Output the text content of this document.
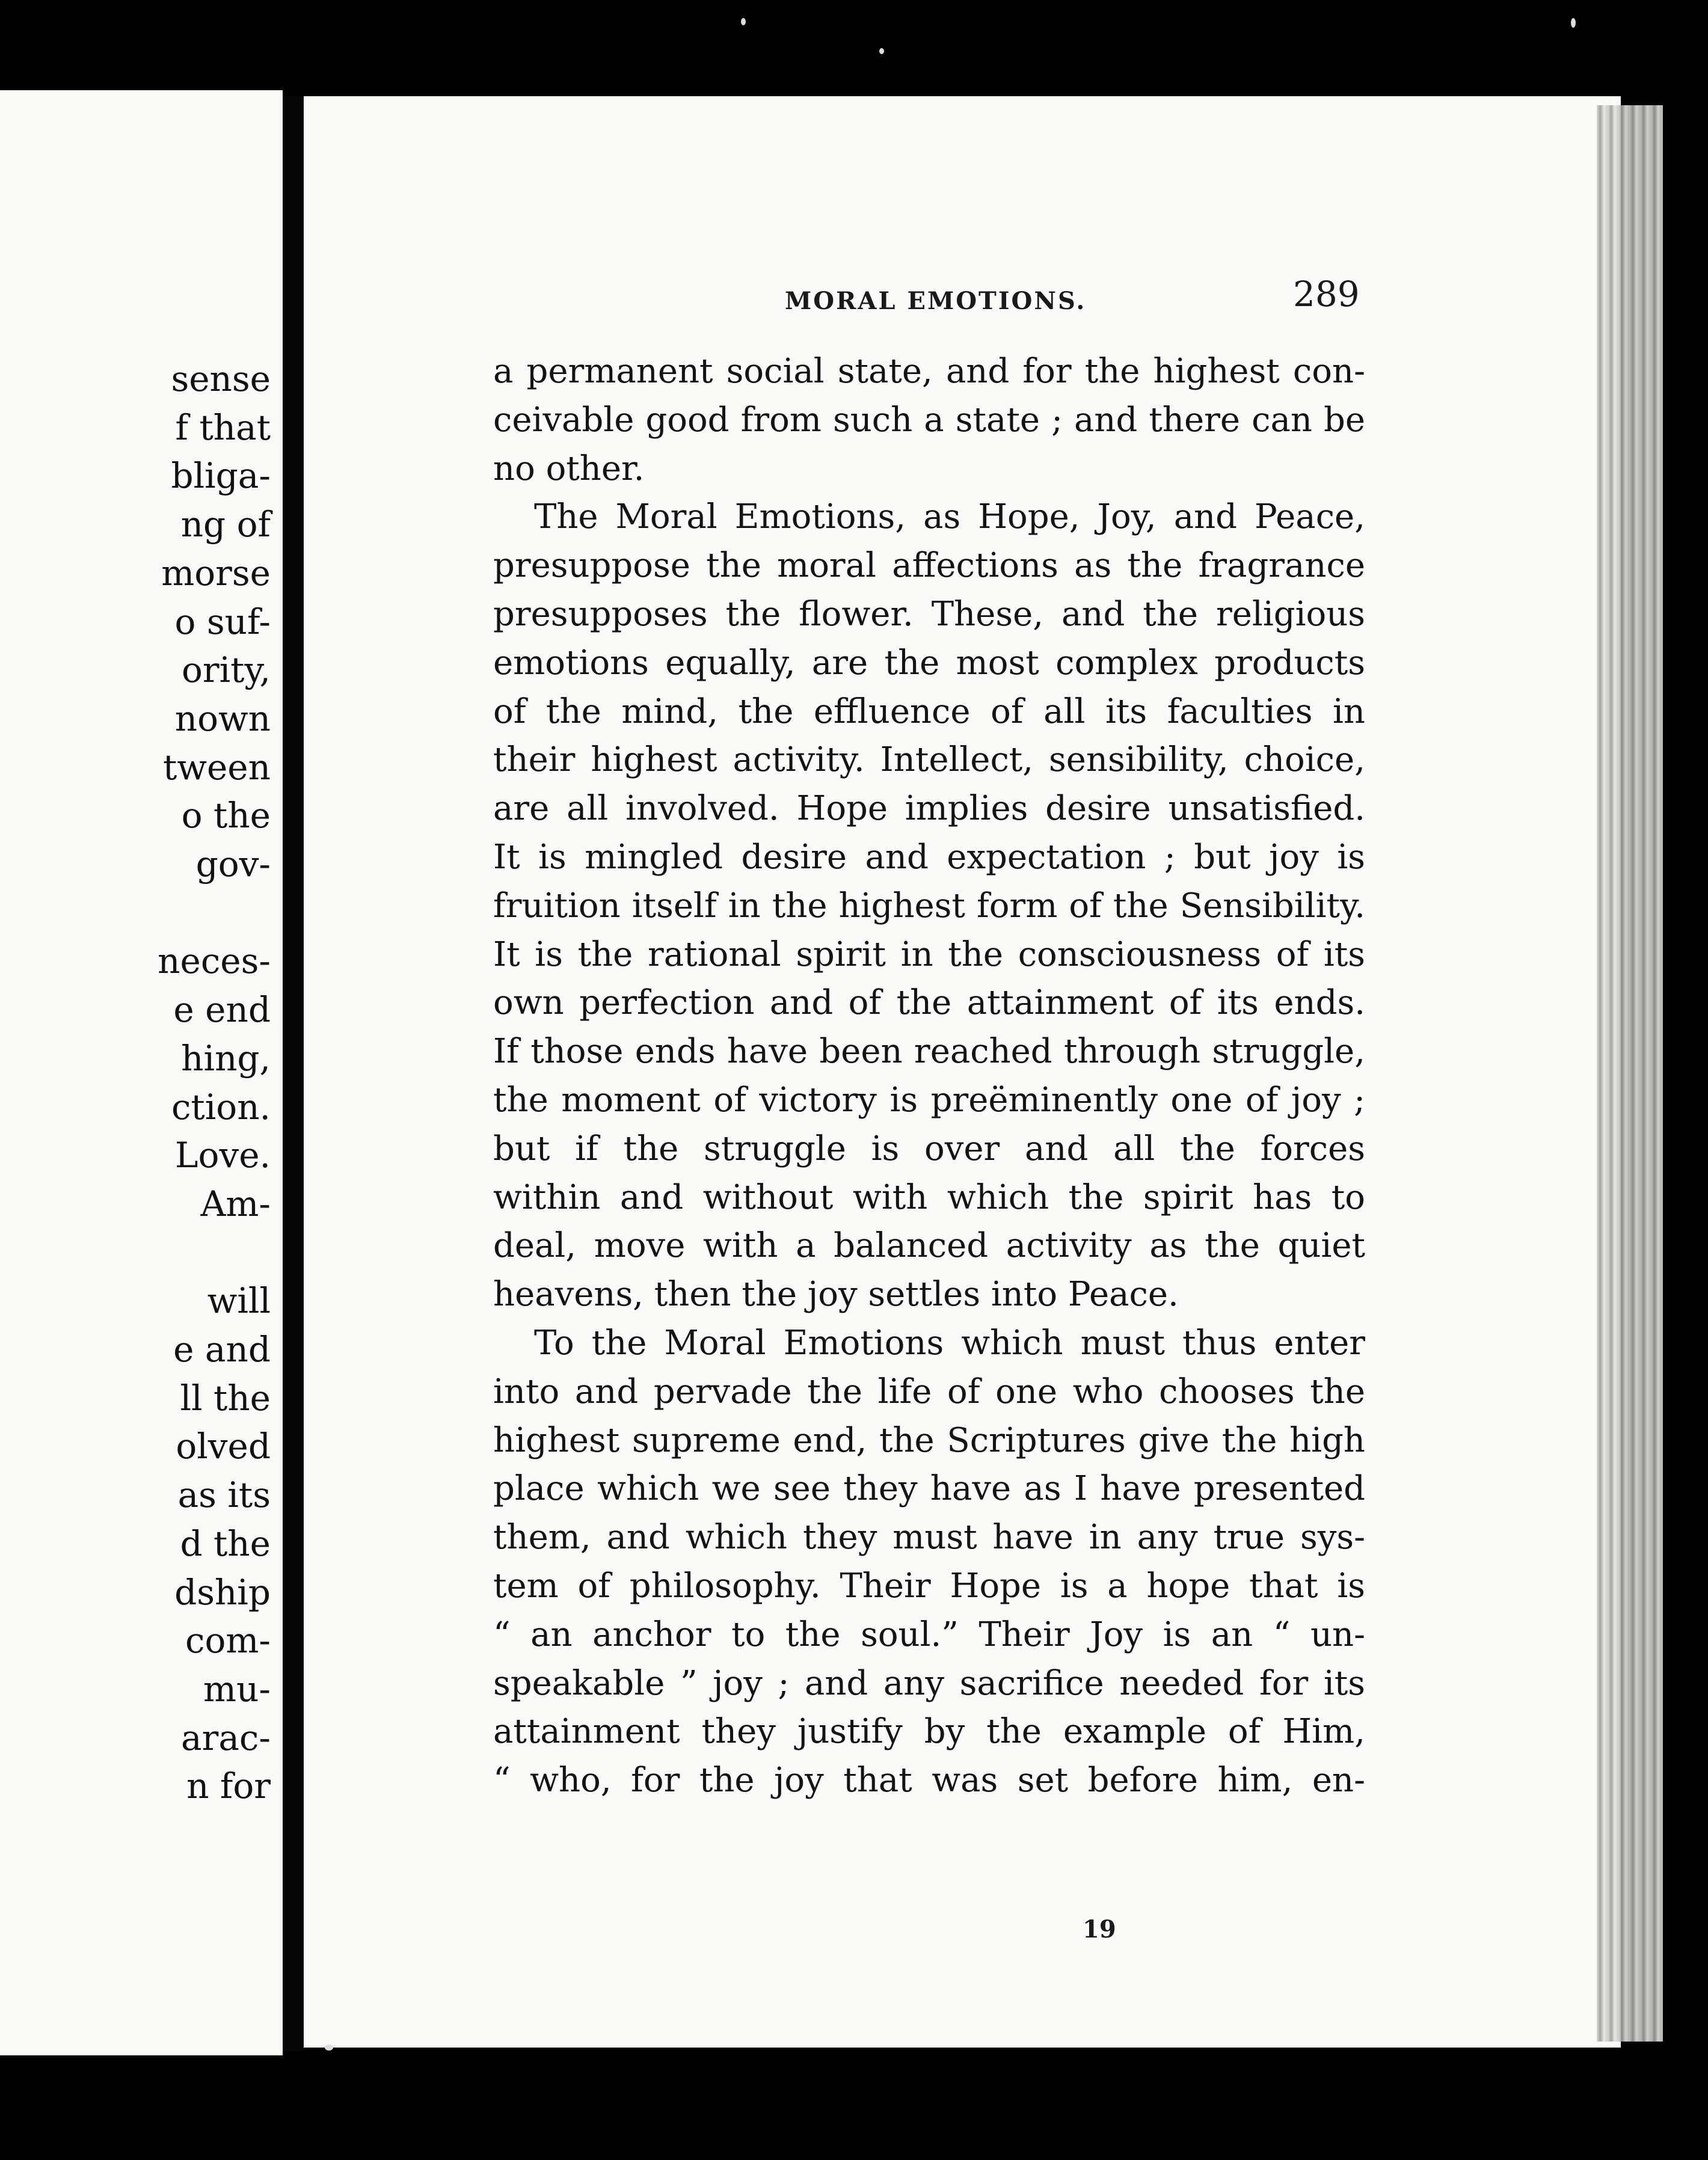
sense
f that
bliga-
ng of
morse
o suf-
ority,
nown
tween
o the
gov-
neces-
e end
hing,
ction.
Love.
Am-
will
e and
ll the
olved
as its
d the
dship
com-
mu-
arac-
n for
MORAL EMOTIONS.	289
a permanent social state, and for the highest con-
ceivable good from such a state ; and there can be
no other.
The Moral Emotions, as Hope, Joy, and Peace,
presuppose the moral affections as the fragrance
presupposes the flower. These, and the religious
emotions equally, are the most complex products
of the mind, the effluence of all its faculties in
their highest activity. Intellect, sensibility, choice,
are all involved. Hope implies desire unsatisfied.
It is mingled desire and expectation ; but joy is
fruition itself in the highest form of the Sensibility.
It is the rational spirit in the consciousness of its
own perfection and of the attainment of its ends.
If those ends have been reached through struggle,
the moment of victory is preëminently one of joy ;
but if the struggle is over and all the forces
within and without with which the spirit has to
deal, move with a balanced activity as the quiet
heavens, then the joy settles into Peace.
To the Moral Emotions which must thus enter
into and pervade the life of one who chooses the
highest supreme end, the Scriptures give the high
place which we see they have as I have presented
them, and which they must have in any true sys-
tem of philosophy. Their Hope is a hope that is
“ an anchor to the soul.” Their Joy is an “ un-
speakable ” joy ; and any sacrifice needed for its
attainment they justify by the example of Him,
“ who, for the joy that was set before him, en-
19
